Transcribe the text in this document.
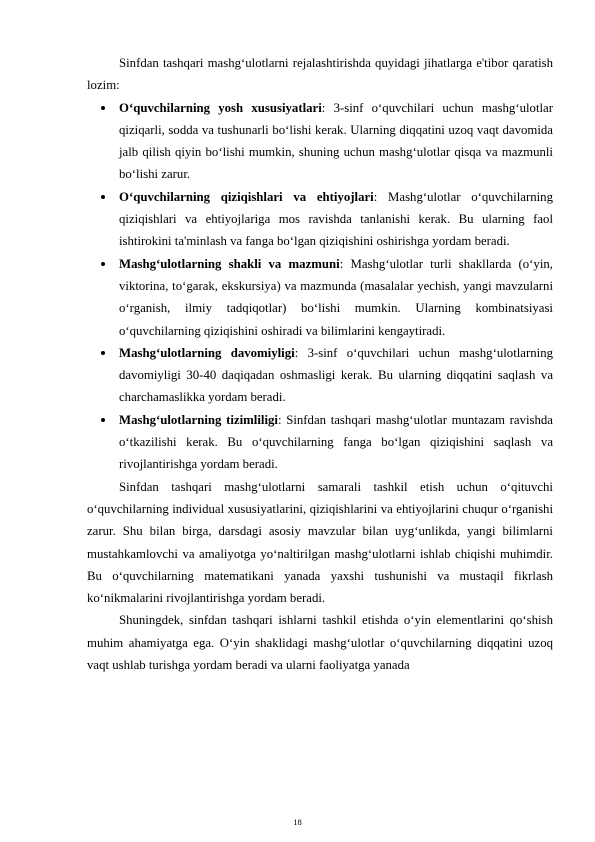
Sinfdan tashqari mashg‘ulotlarni rejalashtirishda quyidagi jihatlarga e'tibor qaratish lozim:

O‘quvchilarning yosh xususiyatlari: 3-sinf o‘quvchilari uchun mashg‘ulotlar qiziqarli, sodda va tushunarli bo‘lishi kerak. Ularning diqqatini uzoq vaqt davomida jalb qilish qiyin bo‘lishi mumkin, shuning uchun mashg‘ulotlar qisqa va mazmunli bo‘lishi zarur.
O‘quvchilarning qiziqishlari va ehtiyojlari: Mashg‘ulotlar o‘quvchilarning qiziqishlari va ehtiyojlariga mos ravishda tanlanishi kerak. Bu ularning faol ishtirokini ta'minlash va fanga bo‘lgan qiziqishini oshirishga yordam beradi.
Mashg‘ulotlarning shakli va mazmuni: Mashg‘ulotlar turli shakllarda (o‘yin, viktorina, to‘garak, ekskursiya) va mazmunda (masalalar yechish, yangi mavzularni o‘rganish, ilmiy tadqiqotlar) bo‘lishi mumkin. Ularning kombinatsiyasi o‘quvchilarning qiziqishini oshiradi va bilimlarini kengaytiradi.
Mashg‘ulotlarning davomiyligi: 3-sinf o‘quvchilari uchun mashg‘ulotlarning davomiyligi 30-40 daqiqadan oshmasligi kerak. Bu ularning diqqatini saqlash va charchamaslikka yordam beradi.
Mashg‘ulotlarning tizimliligi: Sinfdan tashqari mashg‘ulotlar muntazam ravishda o‘tkazilishi kerak. Bu o‘quvchilarning fanga bo‘lgan qiziqishini saqlash va rivojlantirishga yordam beradi.

Sinfdan tashqari mashg‘ulotlarni samarali tashkil etish uchun o‘qituvchi o‘quvchilarning individual xususiyatlarini, qiziqishlarini va ehtiyojlarini chuqur o‘rganishi zarur. Shu bilan birga, darsdagi asosiy mavzular bilan uyg‘unlikda, yangi bilimlarni mustahkamlovchi va amaliyotga yo‘naltirilgan mashg‘ulotlarni ishlab chiqishi muhimdir. Bu o‘quvchilarning matematikani yanada yaxshi tushunishi va mustaqil fikrlash ko‘nikmalarini rivojlantirishga yordam beradi.

Shuningdek, sinfdan tashqari ishlarni tashkil etishda o‘yin elementlarini qo‘shish muhim ahamiyatga ega. O‘yin shaklidagi mashg‘ulotlar o‘quvchilarning diqqatini uzoq vaqt ushlab turishga yordam beradi va ularni faoliyatga yanada

18
